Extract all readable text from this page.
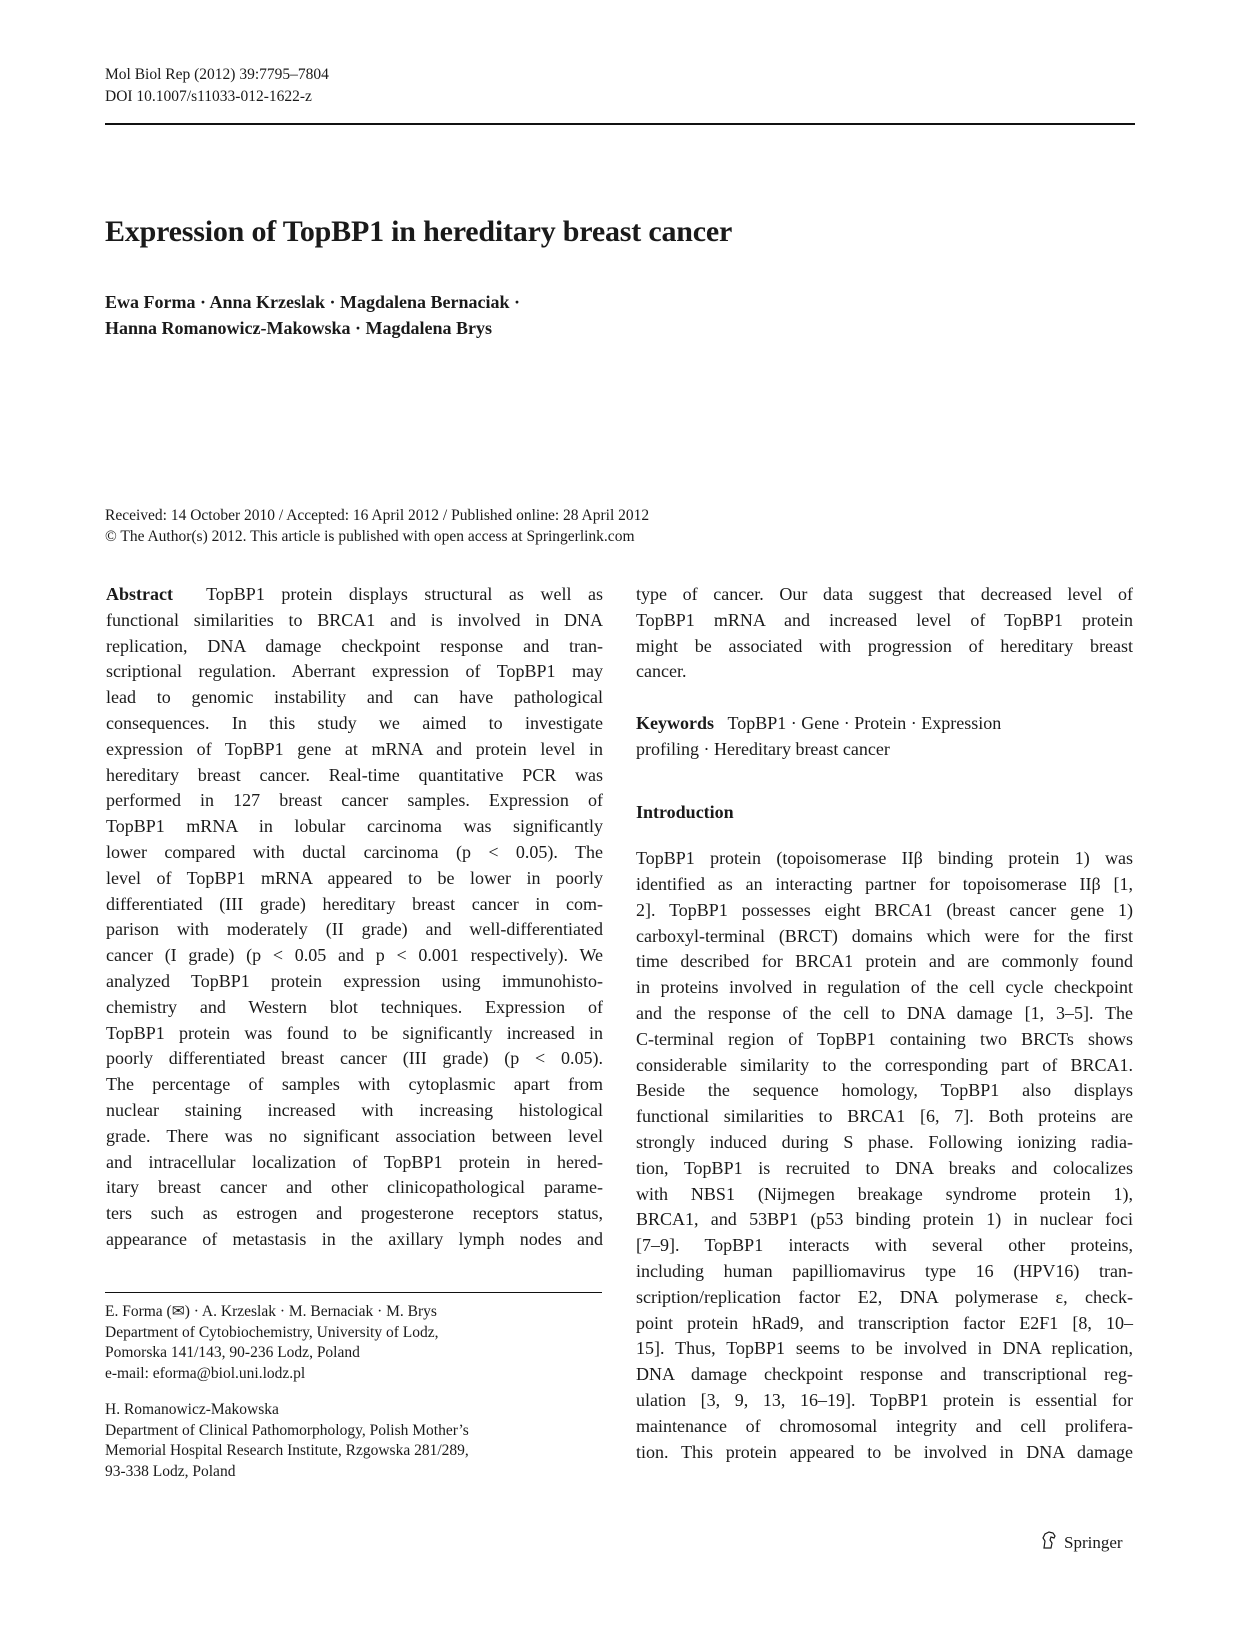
Mol Biol Rep (2012) 39:7795–7804
DOI 10.1007/s11033-012-1622-z
Expression of TopBP1 in hereditary breast cancer
Ewa Forma · Anna Krzeslak · Magdalena Bernaciak ·
Hanna Romanowicz-Makowska · Magdalena Brys
Received: 14 October 2010 / Accepted: 16 April 2012 / Published online: 28 April 2012
© The Author(s) 2012. This article is published with open access at Springerlink.com
Abstract TopBP1 protein displays structural as well as
functional similarities to BRCA1 and is involved in DNA
replication, DNA damage checkpoint response and tran-
scriptional regulation. Aberrant expression of TopBP1 may
lead to genomic instability and can have pathological
consequences. In this study we aimed to investigate
expression of TopBP1 gene at mRNA and protein level in
hereditary breast cancer. Real-time quantitative PCR was
performed in 127 breast cancer samples. Expression of
TopBP1 mRNA in lobular carcinoma was significantly
lower compared with ductal carcinoma (p < 0.05). The
level of TopBP1 mRNA appeared to be lower in poorly
differentiated (III grade) hereditary breast cancer in com-
parison with moderately (II grade) and well-differentiated
cancer (I grade) (p < 0.05 and p < 0.001 respectively). We
analyzed TopBP1 protein expression using immunohisto-
chemistry and Western blot techniques. Expression of
TopBP1 protein was found to be significantly increased in
poorly differentiated breast cancer (III grade) (p < 0.05).
The percentage of samples with cytoplasmic apart from
nuclear staining increased with increasing histological
grade. There was no significant association between level
and intracellular localization of TopBP1 protein in hered-
itary breast cancer and other clinicopathological parame-
ters such as estrogen and progesterone receptors status,
appearance of metastasis in the axillary lymph nodes and
E. Forma (✉) · A. Krzeslak · M. Bernaciak · M. Brys
Department of Cytobiochemistry, University of Lodz,
Pomorska 141/143, 90-236 Lodz, Poland
e-mail: eforma@biol.uni.lodz.pl
H. Romanowicz-Makowska
Department of Clinical Pathomorphology, Polish Mother’s
Memorial Hospital Research Institute, Rzgowska 281/289,
93-338 Lodz, Poland
type of cancer. Our data suggest that decreased level of
TopBP1 mRNA and increased level of TopBP1 protein
might be associated with progression of hereditary breast
cancer.
Keywords TopBP1 · Gene · Protein · Expression
profiling · Hereditary breast cancer
Introduction
TopBP1 protein (topoisomerase IIβ binding protein 1) was
identified as an interacting partner for topoisomerase IIβ [1,
2]. TopBP1 possesses eight BRCA1 (breast cancer gene 1)
carboxyl-terminal (BRCT) domains which were for the first
time described for BRCA1 protein and are commonly found
in proteins involved in regulation of the cell cycle checkpoint
and the response of the cell to DNA damage [1, 3–5]. The
C-terminal region of TopBP1 containing two BRCTs shows
considerable similarity to the corresponding part of BRCA1.
Beside the sequence homology, TopBP1 also displays
functional similarities to BRCA1 [6, 7]. Both proteins are
strongly induced during S phase. Following ionizing radia-
tion, TopBP1 is recruited to DNA breaks and colocalizes
with NBS1 (Nijmegen breakage syndrome protein 1),
BRCA1, and 53BP1 (p53 binding protein 1) in nuclear foci
[7–9]. TopBP1 interacts with several other proteins,
including human papilliomavirus type 16 (HPV16) tran-
scription/replication factor E2, DNA polymerase ε, check-
point protein hRad9, and transcription factor E2F1 [8, 10–
15]. Thus, TopBP1 seems to be involved in DNA replication,
DNA damage checkpoint response and transcriptional reg-
ulation [3, 9, 13, 16–19]. TopBP1 protein is essential for
maintenance of chromosomal integrity and cell prolifera-
tion. This protein appeared to be involved in DNA damage
Springer
